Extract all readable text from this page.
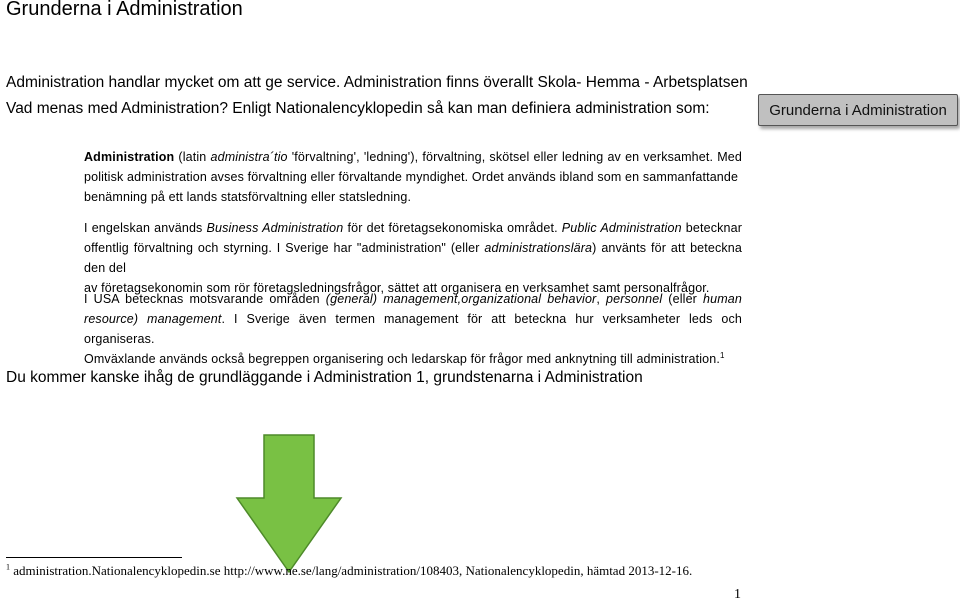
Grunderna i Administration
Administration handlar mycket om att ge service. Administration finns överallt Skola- Hemma - Arbetsplatsen
Vad menas med Administration? Enligt Nationalencyklopedin så kan man definiera administration som:	Grunderna i Administration
Administration (latin administra´tio 'förvaltning', 'ledning'), förvaltning, skötsel eller ledning av en verksamhet. Med politisk administration avses förvaltning eller förvaltande myndighet. Ordet används ibland som en sammanfattande
benämning på ett lands statsförvaltning eller statsledning.
I engelskan används Business Administration för det företagsekonomiska området. Public Administration betecknar offentlig förvaltning och styrning. I Sverige har "administration" (eller administrationslära) använts för att beteckna den del
av företagsekonomin som rör företagsledningsfrågor, sättet att organisera en verksamhet samt personalfrågor.
I USA betecknas motsvarande områden (general) management,organizational behavior, personnel (eller human resource) management. I Sverige även termen management för att beteckna hur verksamheter leds och organiseras.
Omväxlande används också begreppen organisering och ledarskap för frågor med anknytning till administration.$^1$
Du kommer kanske ihåg de grundläggande i Administration 1, grundstenarna i Administration
$^1$ administration.Nationalencyklopedin.se http://www.ne.se/lang/administration/108403, Nationalencyklopedin, hämtad 2013-12-16.
1
